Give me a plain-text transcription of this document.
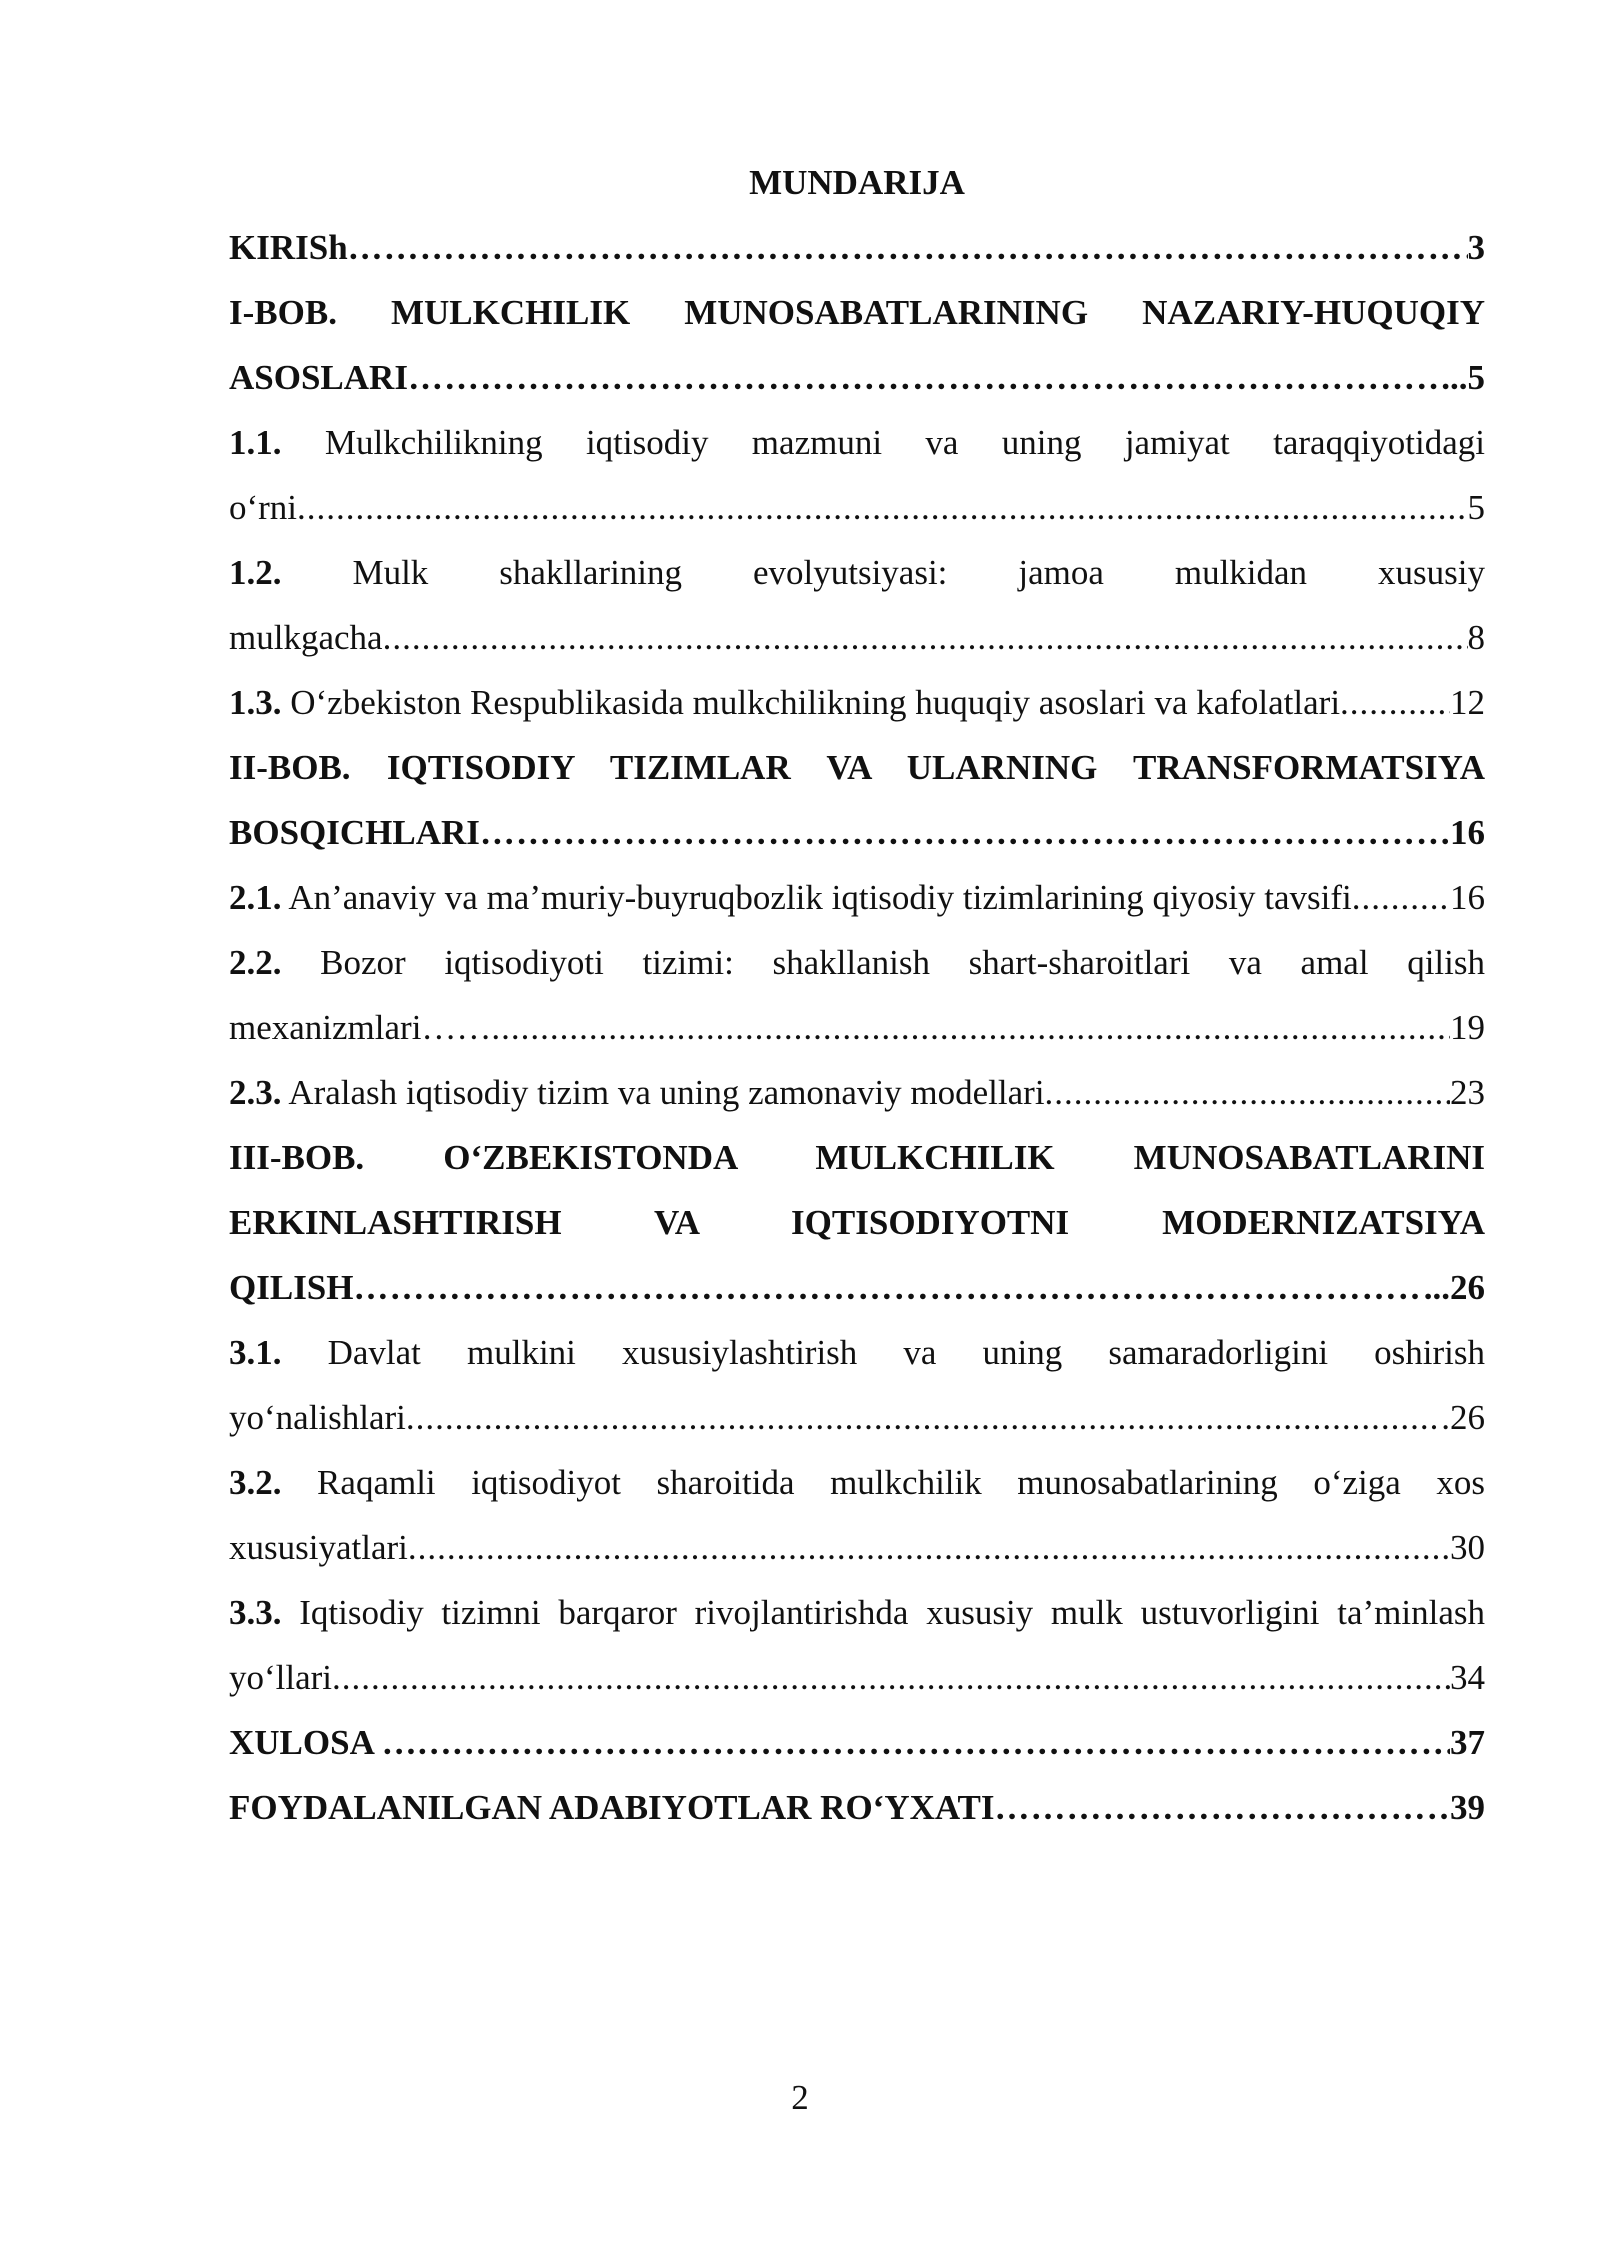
MUNDARIJA
KIRISh …………………………………………………………………………………………………………………………………………………………………………………………………………………………………	3
I-BOB. MULKCHILIK MUNOSABATLARINING NAZARIY-HUQUQIY
ASOSLARI …………………………………………………………………………………………………………………………………………………………………………………………………………………………………	...5
1.1. Mulkchilikning iqtisodiy mazmuni va uning jamiyat taraqqiyotidagi
o‘rni .....	5
1.2. Mulk shakllarining evolyutsiyasi: jamoa mulkidan xususiy
mulkgacha .....	8
1.3. O‘zbekiston Respublikasida mulkchilikning huquqiy asoslari va kafolatlari .....	12
II-BOB. IQTISODIY TIZIMLAR VA ULARNING TRANSFORMATSIYA
BOSQICHLARI …………………………………………………………………………………………………………………………………………………………………………………………………………………………………	16
2.1. An’anaviy va ma’muriy-buyruqbozlik iqtisodiy tizimlarining qiyosiy tavsifi .....	16
2.2. Bozor iqtisodiyoti tizimi: shakllanish shart-sharoitlari va amal qilish
mexanizmlari…… .....	19
2.3. Aralash iqtisodiy tizim va uning zamonaviy modellari .....	23
III-BOB. O‘ZBEKISTONDA MULKCHILIK MUNOSABATLARINI
ERKINLASHTIRISH VA IQTISODIYOTNI MODERNIZATSIYA
QILISH …………………………………………………………………………………………………………………………………………………………………………………………………………………………………	...26
3.1. Davlat mulkini xususiylashtirish va uning samaradorligini oshirish
yo‘nalishlari .....	.26
3.2. Raqamli iqtisodiyot sharoitida mulkchilik munosabatlarining o‘ziga xos
xususiyatlari .....	30
3.3. Iqtisodiy tizimni barqaror rivojlantirishda xususiy mulk ustuvorligini ta’minlash
yo‘llari .....	34
XULOSA …………… …………………………………………………………………………………………………………………………………………………………………………………………………………………………………	37
FOYDALANILGAN ADABIYOTLAR RO‘YXATI …………………………………………………………………………………………………………………………………………………………………………………………………………………………………	39
2
